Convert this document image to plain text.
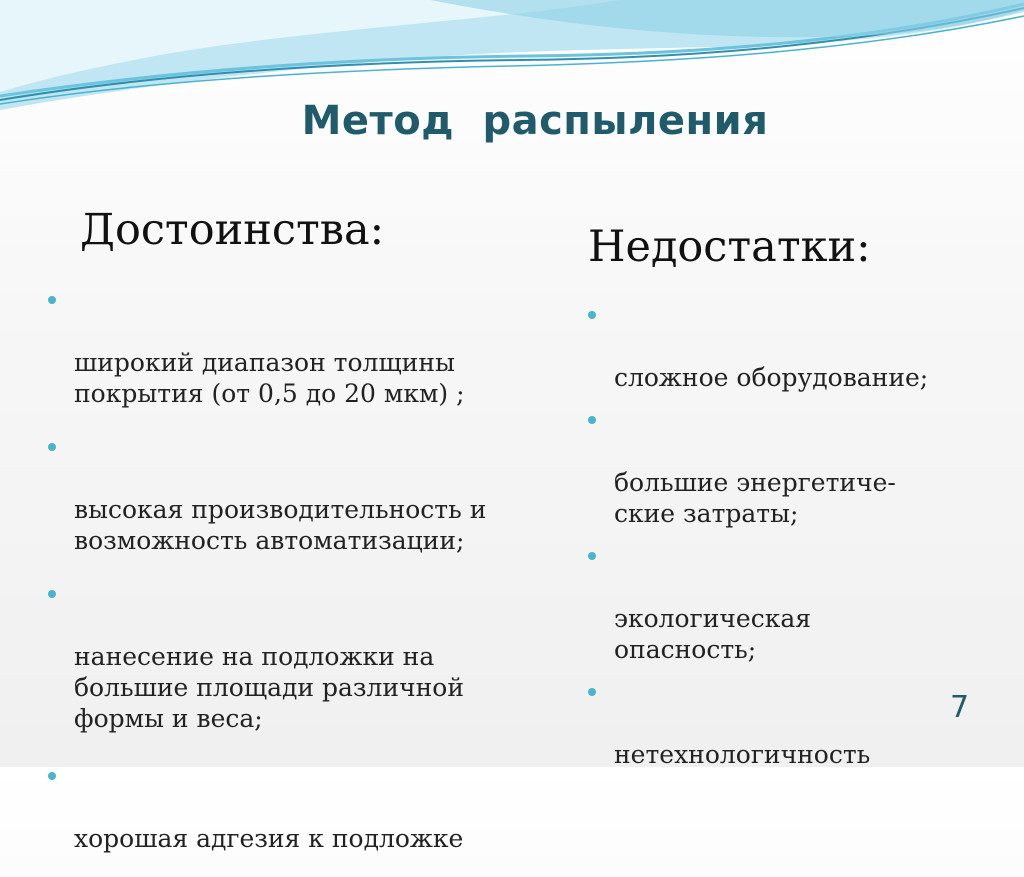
Метод распыления
Достоинства:	Недостатки:

широкий диапазон толщины
покрытия (от 0,5 до 20 мкм) ;

высокая производительность и
возможность автоматизации;

нанесение на подложки на
большие площади различной
формы и веса;

хорошая адгезия к подложке

сложное оборудование;

большие энергетиче-
ские затраты;

экологическая
опасность;

нетехнологичность

7
